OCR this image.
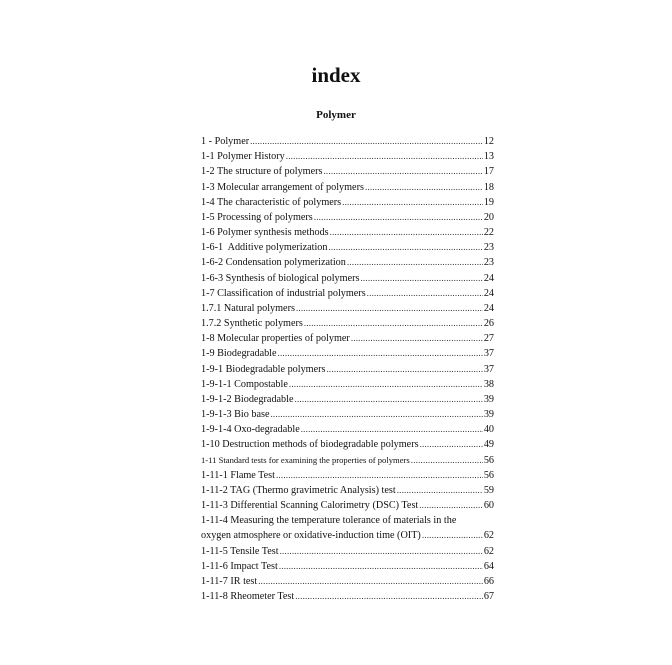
index
Polymer
1 - Polymer .....	12
1-1 Polymer History .....	13
1-2 The structure of polymers .....	17
1-3 Molecular arrangement of polymers .....	18
1-4 The characteristic of polymers .....	19
1-5 Processing of polymers .....	20
1-6 Polymer synthesis methods .....	22
1-6-1  Additive polymerization .....	23
1-6-2 Condensation polymerization .....	23
1-6-3 Synthesis of biological polymers .....	24
1-7 Classification of industrial polymers .....	24
1.7.1 Natural polymers .....	24
1.7.2 Synthetic polymers .....	26
1-8 Molecular properties of polymer .....	27
1-9 Biodegradable .....	37
1-9-1 Biodegradable polymers .....	37
1-9-1-1 Compostable .....	38
1-9-1-2 Biodegradable .....	39
1-9-1-3 Bio base .....	39
1-9-1-4 Oxo-degradable .....	40
1-10 Destruction methods of biodegradable polymers .....	49
1-11 Standard tests for examining the properties of polymers .....	56
1-11-1 Flame Test .....	56
1-11-2 TAG (Thermo gravimetric Analysis) test .....	59
1-11-3 Differential Scanning Calorimetry (DSC) Test .....	60
1-11-4 Measuring the temperature tolerance of materials in the
oxygen atmosphere or oxidative-induction time (OIT) .....	62
1-11-5 Tensile Test .....	62
1-11-6 Impact Test .....	64
1-11-7 IR test .....	66
1-11-8 Rheometer Test .....	67
